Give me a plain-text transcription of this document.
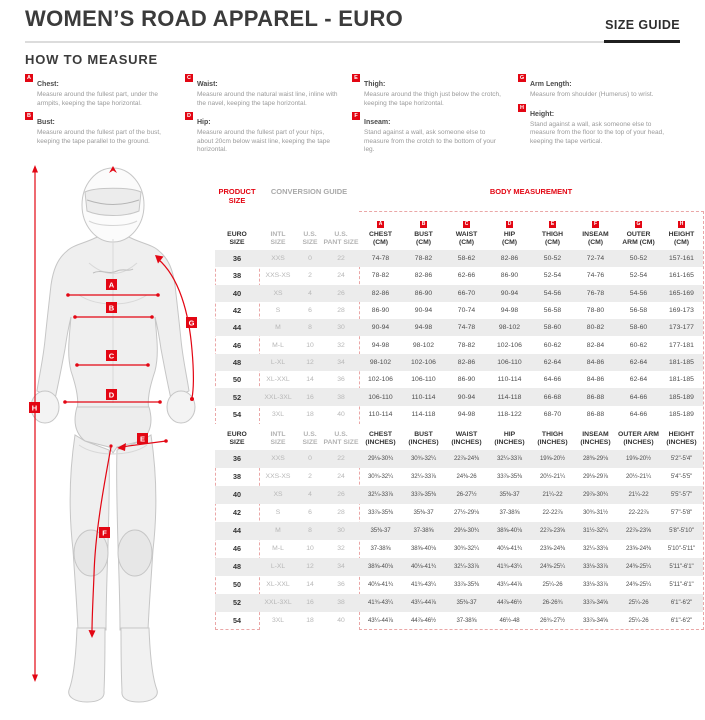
WOMEN’S ROAD APPAREL - EURO	SIZE GUIDE
HOW TO MEASURE
A
Chest:
Measure around the fullest part, under the armpits, keeping the tape horizontal.
B
Bust:
Measure around the fullest part of the bust, keeping the tape parallel to the ground.
C
Waist:
Measure around the natural waist line, inline with the navel, keeping the tape horizontal.
D
Hip:
Measure around the fullest part of your hips, about 20cm below waist line, keeping the tape horizontal.
E
Thigh:
Measure around the thigh just below the crotch, keeping the tape horizontal.
F
Inseam:
Stand against a wall, ask someone else to measure from the crotch to the bottom of your leg.
G
Arm Length:
Measure from shoulder (Humerus) to wrist.
H
Height:
Stand against a wall, ask someone else to measure from the floor to the top of your head, keeping the tape vertical.
A
B
C
D
E
F
G
H
PRODUCT SIZE
CONVERSION GUIDE	BODY MEASUREMENT
EURO
SIZE
INTL
SIZE
U.S.
SIZE
U.S.
PANT SIZE
A
CHEST
(CM)
B
BUST
(CM)
C
WAIST
(CM)
D
HIP
(CM)
E
THIGH
(CM)
F
INSEAM
(CM)
G
OUTER
ARM (CM)
H
HEIGHT
(CM)
36	XXS	0	22	74-78	78-82	58-62	82-86	50-52	72-74	50-52	157-161
38	XXS-XS	2	24	78-82	82-86	62-66	86-90	52-54	74-76	52-54	161-165
40	XS	4	26	82-86	86-90	66-70	90-94	54-56	76-78	54-56	165-169
42	S	6	28	86-90	90-94	70-74	94-98	56-58	78-80	56-58	169-173
44	M	8	30	90-94	94-98	74-78	98-102	58-60	80-82	58-60	173-177
46	M-L	10	32	94-98	98-102	78-82	102-106	60-62	82-84	60-62	177-181
48	L-XL	12	34	98-102	102-106	82-86	106-110	62-64	84-86	62-64	181-185
50	XL-XXL	14	36	102-106	106-110	86-90	110-114	64-66	84-86	62-64	181-185
52	XXL-3XL	16	38	106-110	110-114	90-94	114-118	66-68	86-88	64-66	185-189
54	3XL	18	40	110-114	114-118	94-98	118-122	68-70	86-88	64-66	185-189
EURO
SIZE
INTL
SIZE
U.S.
SIZE
U.S.
PANT SIZE
CHEST
(INCHES)
BUST
(INCHES)
WAIST
(INCHES)
HIP
(INCHES)
THIGH
(INCHES)
INSEAM
(INCHES)
OUTER ARM
(INCHES)
HEIGHT
(INCHES)
36	XXS	0	22	29⅛-30¾	30¾-32¼	22⅞-24⅜	32¼-33⅞	19⅝-20½	28⅜-29⅛	19⅝-20½	5'2"-5'4"
38	XXS-XS	2	24	30¾-32¼	32¼-33⅞	24⅜-26	33⅞-35⅜	20½-21¼	29⅛-29⅞	20½-21¼	5'4"-5'5"
40	XS	4	26	32¼-33⅞	33⅞-35⅜	26-27½	35⅜-37	21¼-22	29⅞-30¾	21¼-22	5'5"-5'7"
42	S	6	28	33⅞-35⅜	35⅜-37	27½-29⅛	37-38⅝	22-22⅞	30¾-31½	22-22⅞	5'7"-5'8"
44	M	8	30	35⅜-37	37-38⅝	29⅛-30¾	38⅝-40⅛	22⅞-23⅝	31½-32¼	22⅞-23⅝	5'8"-5'10"
46	M-L	10	32	37-38⅝	38⅝-40⅛	30¾-32¼	40⅛-41¾	23⅝-24⅜	32¼-33⅛	23⅝-24⅜	5'10"-5'11"
48	L-XL	12	34	38⅝-40⅛	40⅛-41¾	32¼-33⅞	41¾-43¼	24⅜-25¼	33⅛-33⅞	24⅜-25¼	5'11"-6'1"
50	XL-XXL	14	36	40⅛-41¾	41¾-43¼	33⅞-35⅜	43¼-44⅞	25¼-26	33⅛-33⅞	24⅜-25¼	5'11"-6'1"
52	XXL-3XL	16	38	41¾-43¼	43¼-44⅞	35⅜-37	44⅞-46½	26-26¾	33⅞-34⅝	25¼-26	6'1"-6'2"
54	3XL	18	40	43¼-44⅞	44⅞-46½	37-38⅝	46½-48	26¾-27½	33⅞-34⅝	25¼-26	6'1"-6'2"
